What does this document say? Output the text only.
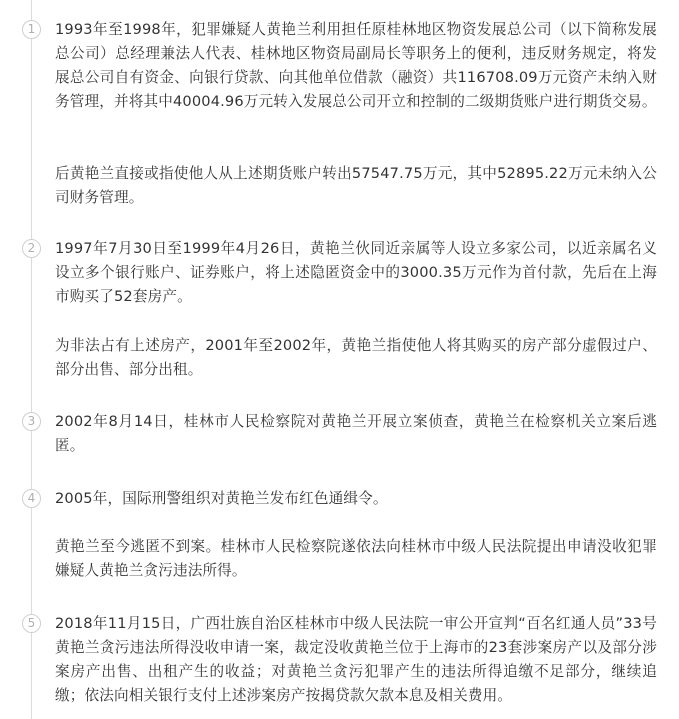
1	1993年至1998年，犯罪嫌疑人黄艳兰利用担任原桂林地区物资发展总公司（以下简称发展总公司）总经理兼法人代表、桂林地区物资局副局长等职务上的便利，违反财务规定，将发展总公司自有资金、向银行贷款、向其他单位借款（融资）共116708.09万元资产未纳入财务管理，并将其中40004.96万元转入发展总公司开立和控制的二级期货账户进行期货交易。

后黄艳兰直接或指使他人从上述期货账户转出57547.75万元，其中52895.22万元未纳入公司财务管理。

2	1997年7月30日至1999年4月26日，黄艳兰伙同近亲属等人设立多家公司，以近亲属名义设立多个银行账户、证券账户，将上述隐匿资金中的3000.35万元作为首付款，先后在上海市购买了52套房产。

为非法占有上述房产，2001年至2002年，黄艳兰指使他人将其购买的房产部分虚假过户、部分出售、部分出租。

3	2002年8月14日，桂林市人民检察院对黄艳兰开展立案侦查，黄艳兰在检察机关立案后逃匿。

4	2005年，国际刑警组织对黄艳兰发布红色通缉令。

黄艳兰至今逃匿不到案。桂林市人民检察院遂依法向桂林市中级人民法院提出申请没收犯罪嫌疑人黄艳兰贪污违法所得。

5	2018年11月15日，广西壮族自治区桂林市中级人民法院一审公开宣判“百名红通人员”33号黄艳兰贪污违法所得没收申请一案，裁定没收黄艳兰位于上海市的23套涉案房产以及部分涉案房产出售、出租产生的收益；对黄艳兰贪污犯罪产生的违法所得追缴不足部分，继续追缴；依法向相关银行支付上述涉案房产按揭贷款欠款本息及相关费用。
